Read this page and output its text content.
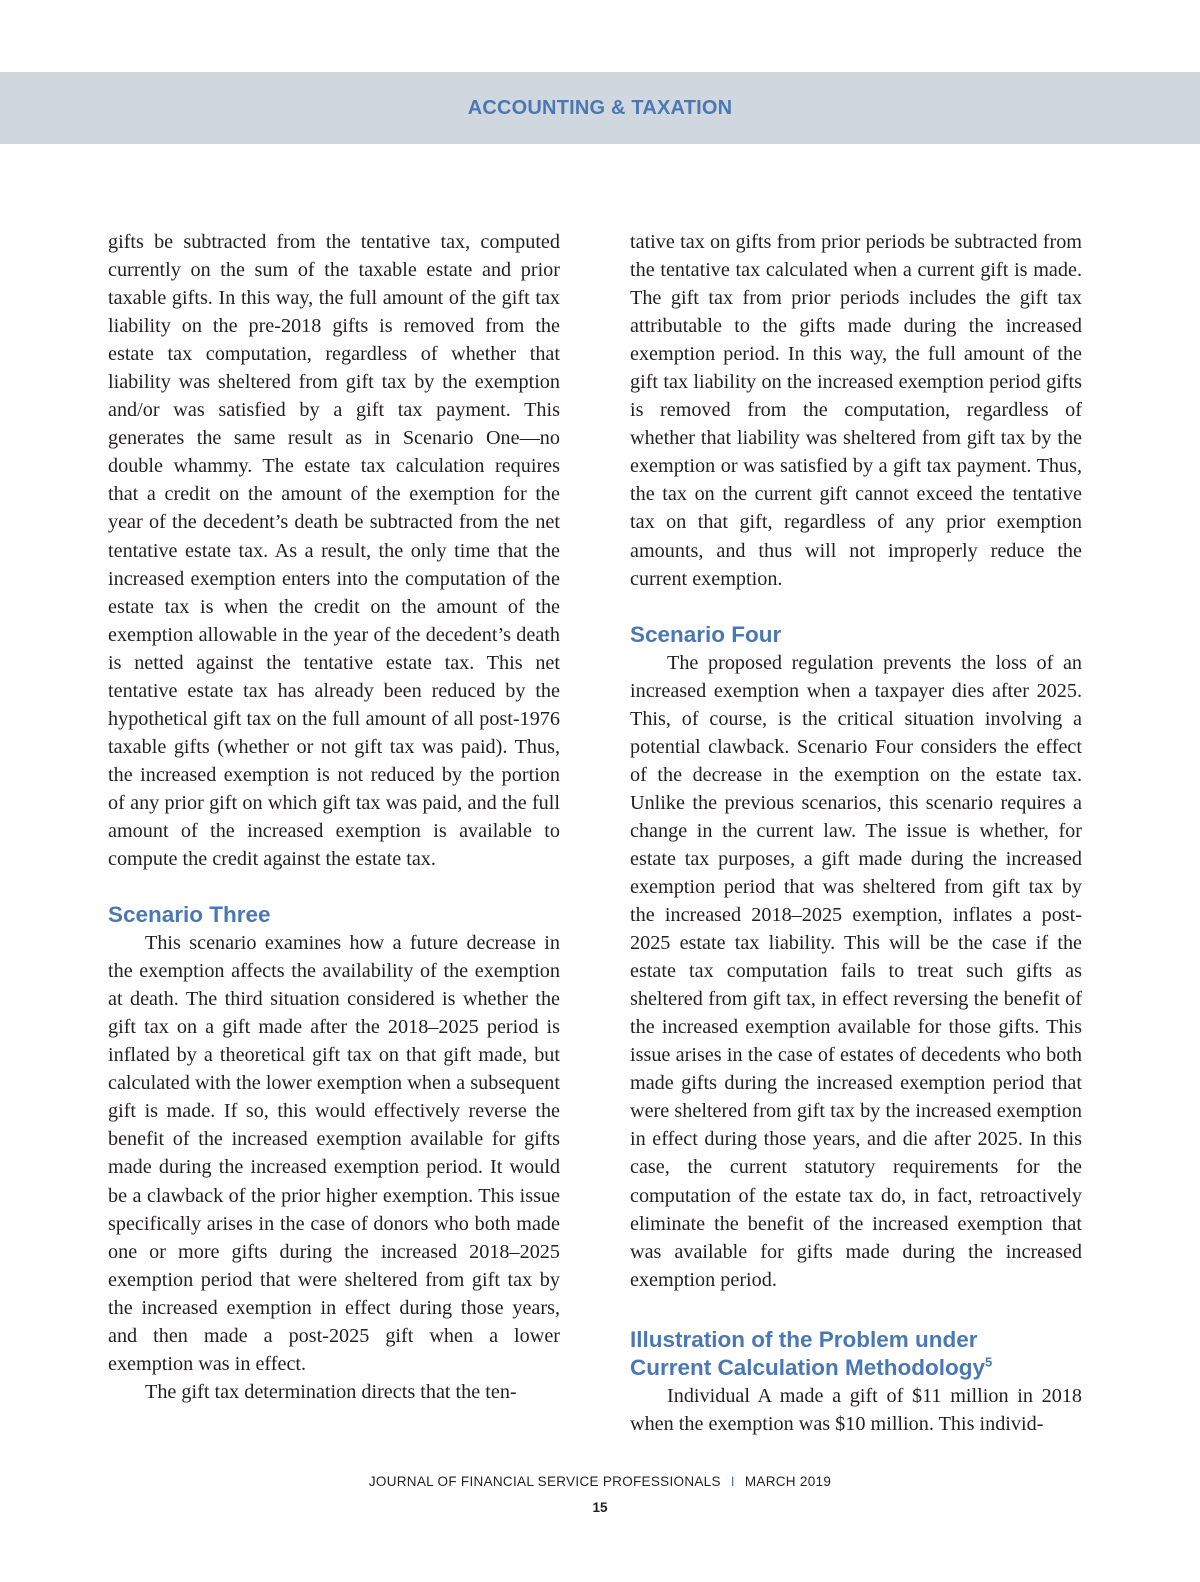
ACCOUNTING & TAXATION

gifts be subtracted from the tentative tax, computed currently on the sum of the taxable estate and prior taxable gifts. In this way, the full amount of the gift tax liability on the pre-2018 gifts is removed from the estate tax computation, regardless of whether that liability was sheltered from gift tax by the exemption and/or was satisfied by a gift tax payment. This generates the same result as in Scenario One—no double whammy. The estate tax calculation requires that a credit on the amount of the exemption for the year of the decedent’s death be subtracted from the net tentative estate tax. As a result, the only time that the increased exemption enters into the computation of the estate tax is when the credit on the amount of the exemption allowable in the year of the decedent’s death is netted against the tentative estate tax. This net tentative estate tax has already been reduced by the hypothetical gift tax on the full amount of all post-1976 taxable gifts (whether or not gift tax was paid). Thus, the increased exemption is not reduced by the portion of any prior gift on which gift tax was paid, and the full amount of the increased exemption is available to compute the credit against the estate tax.

Scenario Three

This scenario examines how a future decrease in the exemption affects the availability of the exemption at death. The third situation considered is whether the gift tax on a gift made after the 2018–2025 period is inflated by a theoretical gift tax on that gift made, but calculated with the lower exemption when a subsequent gift is made. If so, this would effectively reverse the benefit of the increased exemption available for gifts made during the increased exemption period. It would be a clawback of the prior higher exemption. This issue specifically arises in the case of donors who both made one or more gifts during the increased 2018–2025 exemption period that were sheltered from gift tax by the increased exemption in effect during those years, and then made a post-2025 gift when a lower exemption was in effect.

The gift tax determination directs that the ten-

tative tax on gifts from prior periods be subtracted from the tentative tax calculated when a current gift is made. The gift tax from prior periods includes the gift tax attributable to the gifts made during the increased exemption period. In this way, the full amount of the gift tax liability on the increased exemption period gifts is removed from the computation, regardless of whether that liability was sheltered from gift tax by the exemption or was satisfied by a gift tax payment. Thus, the tax on the current gift cannot exceed the tentative tax on that gift, regardless of any prior exemption amounts, and thus will not improperly reduce the current exemption.

Scenario Four

The proposed regulation prevents the loss of an increased exemption when a taxpayer dies after 2025. This, of course, is the critical situation involving a potential clawback. Scenario Four considers the effect of the decrease in the exemption on the estate tax. Unlike the previous scenarios, this scenario requires a change in the current law. The issue is whether, for estate tax purposes, a gift made during the increased exemption period that was sheltered from gift tax by the increased 2018–2025 exemption, inflates a post-2025 estate tax liability. This will be the case if the estate tax computation fails to treat such gifts as sheltered from gift tax, in effect reversing the benefit of the increased exemption available for those gifts. This issue arises in the case of estates of decedents who both made gifts during the increased exemption period that were sheltered from gift tax by the increased exemption in effect during those years, and die after 2025. In this case, the current statutory requirements for the computation of the estate tax do, in fact, retroactively eliminate the benefit of the increased exemption that was available for gifts made during the increased exemption period.

Illustration of the Problem under
Current Calculation Methodology$^5$

Individual A made a gift of $11 million in 2018 when the exemption was $10 million. This individ-

JOURNAL OF FINANCIAL SERVICE PROFESSIONALS I MARCH 2019
15
